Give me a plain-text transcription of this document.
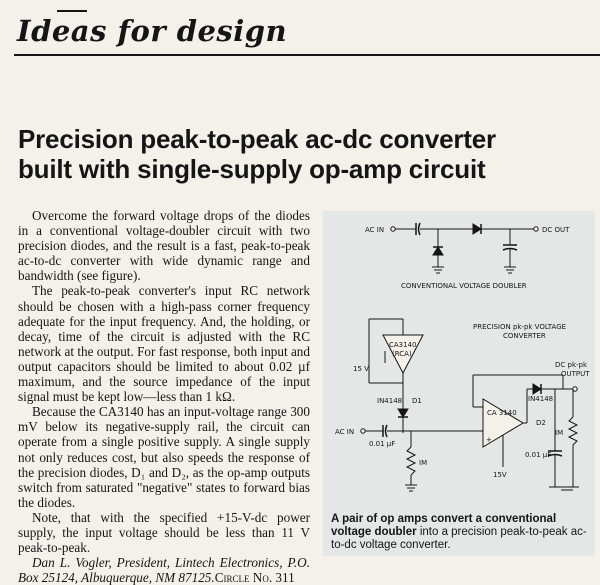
Ideas for design
Precision peak-to-peak ac-dc converter
built with single-supply op-amp circuit

Overcome the forward voltage drops of the diodes in a conventional voltage-doubler circuit with two precision diodes, and the result is a fast, peak-to-peak ac-to-dc converter with wide dynamic range and bandwidth (see figure).

The peak-to-peak converter's input RC network should be chosen with a high-pass corner frequency adequate for the input frequency. And, the holding, or decay, time of the circuit is adjusted with the RC network at the output. For fast response, both input and output capacitors should be limited to about 0.02 µf maximum, and the source impedance of the input signal must be kept low—less than 1 kΩ.

Because the CA3140 has an input-voltage range 300 mV below its negative-supply rail, the circuit can operate from a single positive supply. A single supply not only reduces cost, but also speeds the response of the precision diodes, D₁ and D₂, as the op-amp outputs switch from saturated "negative" states to forward bias the diodes.

Note, that with the specified +15-V-dc power supply, the input voltage should be less than 11 V peak-to-peak.

Dan L. Vogler, President, Lintech Electronics, P.O. Box 25124, Albuquerque, NM 87125.Circle No. 311

AC IN	DC OUT
CONVENTIONAL VOLTAGE DOUBLER
PRECISION pk-pk VOLTAGE
CONVERTER
CA3140
(RCA)
15 V
IN4148 D1
AC IN
0.01 µF
IM
CA 3140
+
IN4148
D2
DC pk-pk
OUTPUT
IM
0.01 µF
15V
A pair of op amps convert a conventional voltage doubler into a precision peak-to-peak ac-to-dc voltage converter.
